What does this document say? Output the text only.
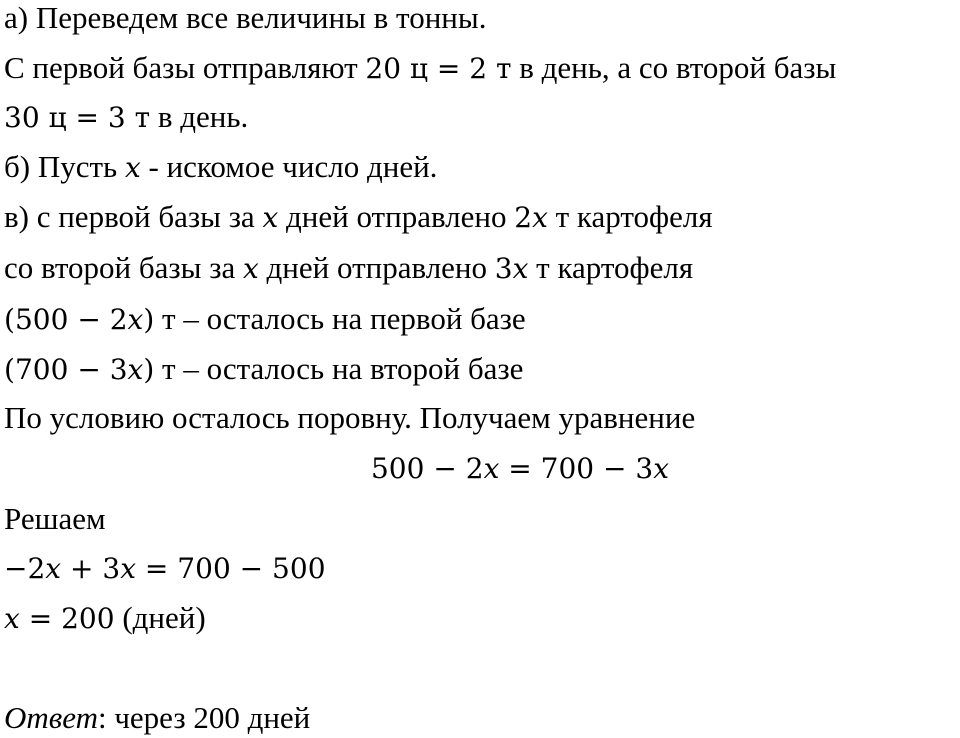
а) Переведем все величины в тонны.
С первой базы отправляют 20 ц = 2 т в день, а со второй базы
30 ц = 3 т в день.
б) Пусть x - искомое число дней.
в) с первой базы за x дней отправлено 2x т картофеля
со второй базы за x дней отправлено 3x т картофеля
(500 − 2x) т – осталось на первой базе
(700 − 3x) т – осталось на второй базе
По условию осталось поровну. Получаем уравнение
500 − 2x = 700 − 3x
Решаем
−2x + 3x = 700 − 500
x = 200 (дней)
Ответ: через 200 дней
